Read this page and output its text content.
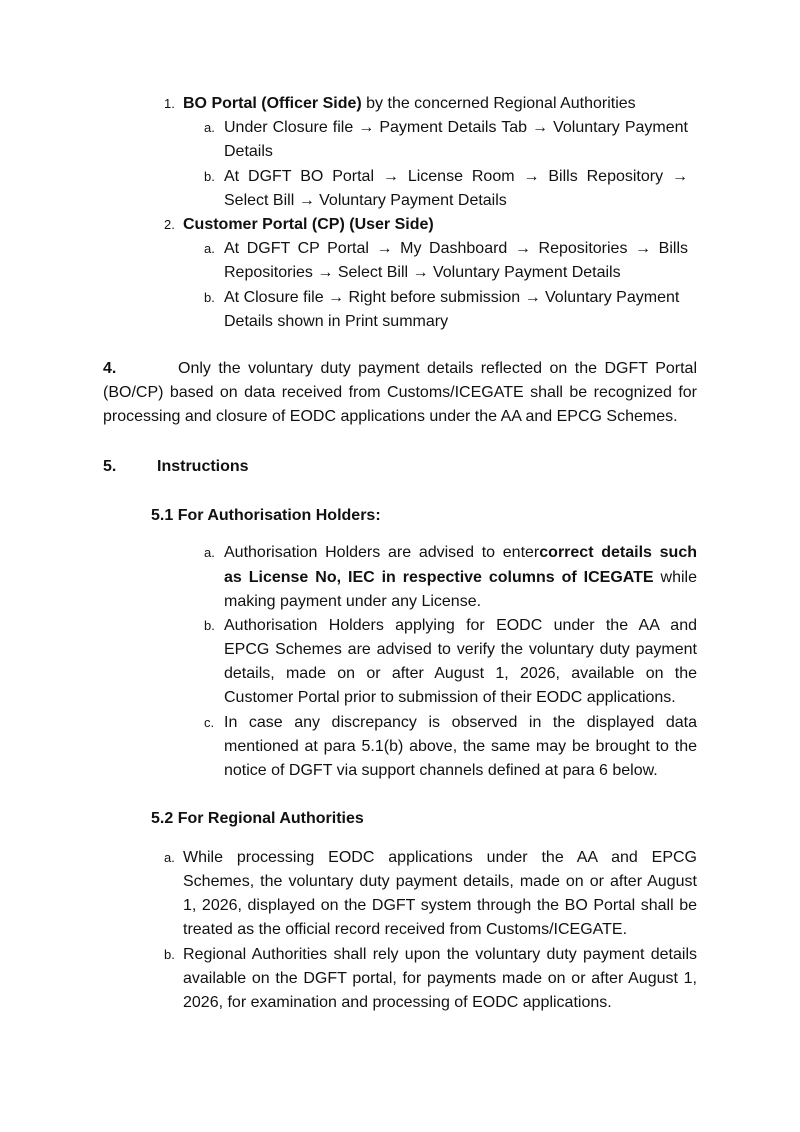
1. BO Portal (Officer Side) by the concerned Regional Authorities
a. Under Closure file → Payment Details Tab → Voluntary Payment
Details
b. At DGFT BO Portal → License Room → Bills Repository →
Select Bill → Voluntary Payment Details
2. Customer Portal (CP) (User Side)
a. At DGFT CP Portal → My Dashboard → Repositories → Bills
Repositories → Select Bill → Voluntary Payment Details
b. At Closure file → Right before submission → Voluntary Payment
Details shown in Print summary
4.	Only the voluntary duty payment details reflected on the DGFT Portal
(BO/CP) based on data received from Customs/ICEGATE shall be recognized for
processing and closure of EODC applications under the AA and EPCG Schemes.
5.	Instructions
5.1 For Authorisation Holders:
a. Authorisation Holders are advised to entercorrect details such
as License No, IEC in respective columns of ICEGATE while
making payment under any License.
b. Authorisation Holders applying for EODC under the AA and
EPCG Schemes are advised to verify the voluntary duty payment
details, made on or after August 1, 2026, available on the
Customer Portal prior to submission of their EODC applications.
c. In case any discrepancy is observed in the displayed data
mentioned at para 5.1(b) above, the same may be brought to the
notice of DGFT via support channels defined at para 6 below.
5.2 For Regional Authorities
a. While processing EODC applications under the AA and EPCG
Schemes, the voluntary duty payment details, made on or after August
1, 2026, displayed on the DGFT system through the BO Portal shall be
treated as the official record received from Customs/ICEGATE.
b. Regional Authorities shall rely upon the voluntary duty payment details
available on the DGFT portal, for payments made on or after August 1,
2026, for examination and processing of EODC applications.
